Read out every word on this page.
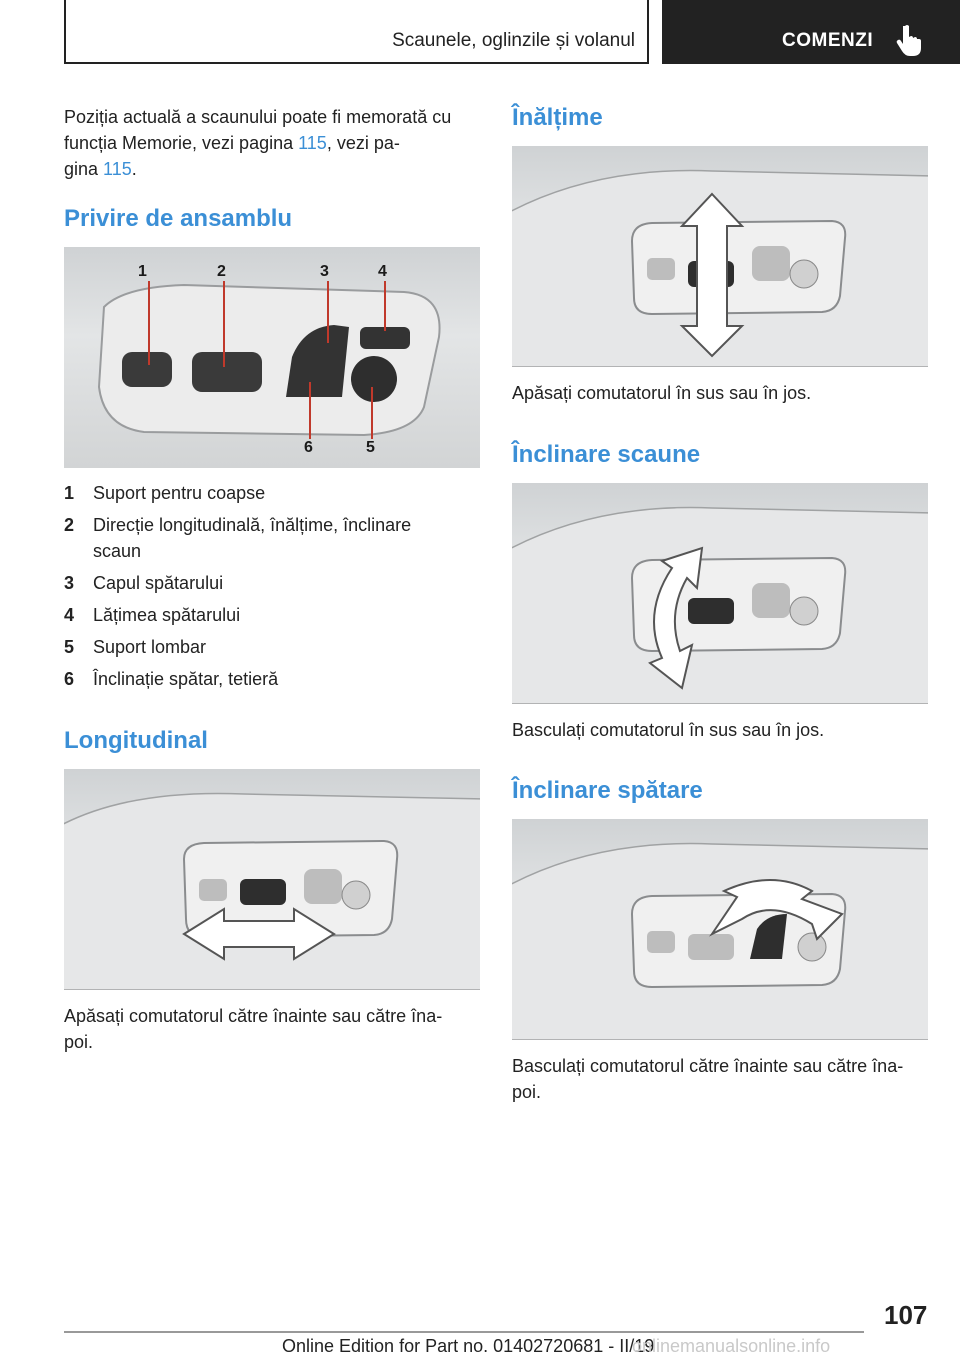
Scaunele, oglinzile și volanul	COMENZI

Poziția actuală a scaunului poate fi memorată cu
funcția Memorie, vezi pagina 115, vezi pa-
gina 115.

Privire de ansamblu
1	2	3	4
6	5
1 Suport pentru coapse
2 Direcție longitudinală, înălțime, înclinare scaun
3 Capul spătarului
4 Lățimea spătarului
5 Suport lombar
6 Înclinație spătar, tetieră
Longitudinal

Apăsați comutatorul către înainte sau către îna-poi.

Înălțime

Apăsați comutatorul în sus sau în jos.

Înclinare scaune

Basculați comutatorul în sus sau în jos.

Înclinare spătare

Basculați comutatorul către înainte sau către îna-poi.

107
Online Edition for Part no. 01402720681 - II/19
onlinemanualsonline.info
